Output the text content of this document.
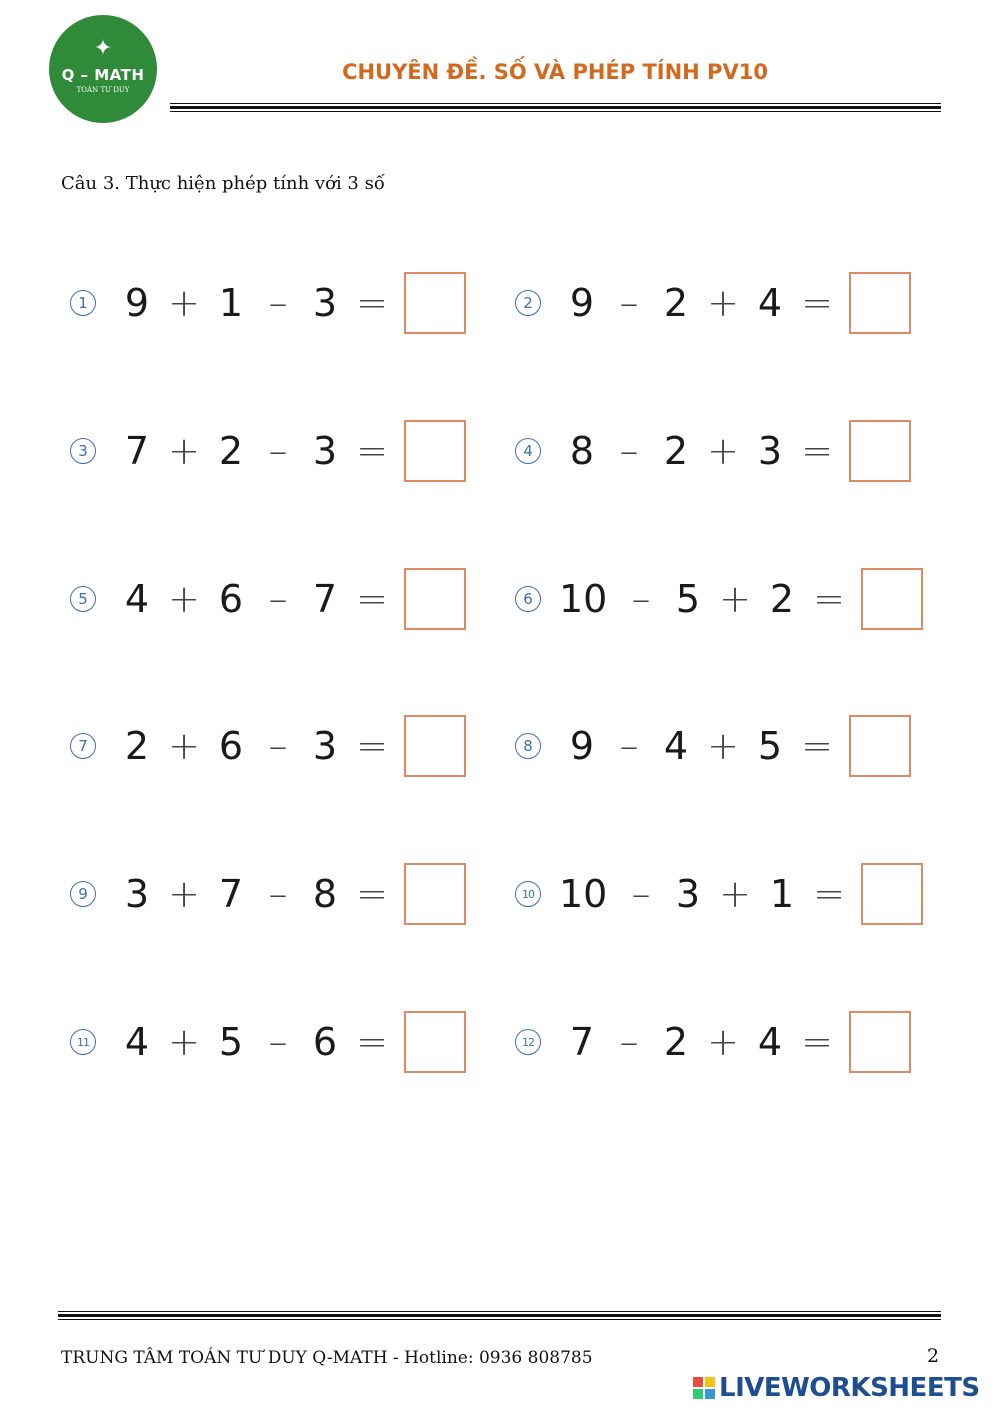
✦
Q – MATH
TOÁN TƯ DUY
CHUYÊN ĐỀ. SỐ VÀ PHÉP TÍNH PV10
Câu 3. Thực hiện phép tính với 3 số
1 9 + 1 – 3 =	2 9 – 2 + 4 =
3 7 + 2 – 3 =	4 8 – 2 + 3 =
5 4 + 6 – 7 =	6 10 – 5 + 2 =
7 2 + 6 – 3 =	8 9 – 4 + 5 =
9 3 + 7 – 8 =	10 10 – 3 + 1 =
11 4 + 5 – 6 =	12 7 – 2 + 4 =
TRUNG TÂM TOÁN TƯ DUY Q-MATH - Hotline: 0936 808785	2
LIVEWORKSHEETS
